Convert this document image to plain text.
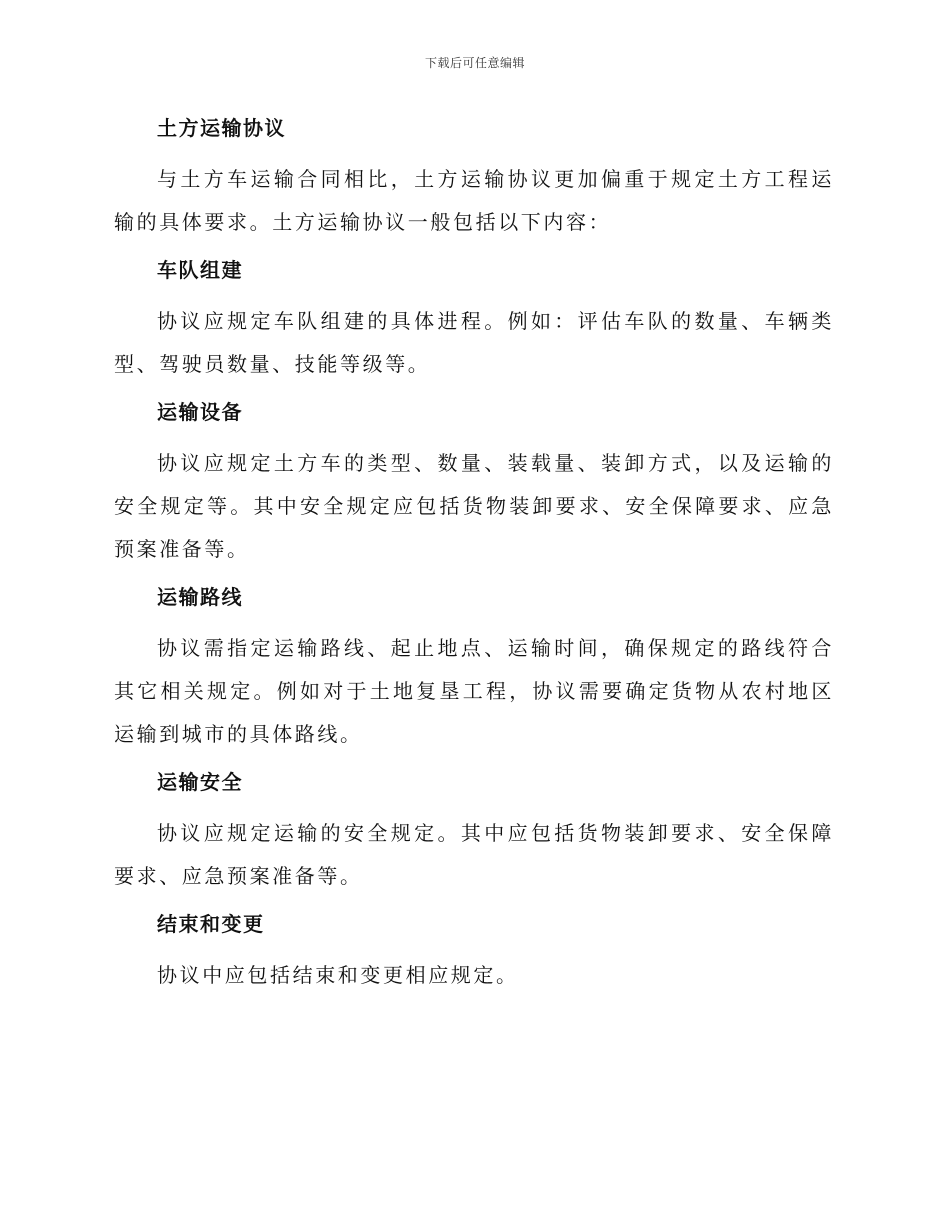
下载后可任意编辑
土方运输协议

与土方车运输合同相比，土方运输协议更加偏重于规定土方工程运输的具体要求。土方运输协议一般包括以下内容：

车队组建

协议应规定车队组建的具体进程。例如：评估车队的数量、车辆类型、驾驶员数量、技能等级等。

运输设备

协议应规定土方车的类型、数量、装载量、装卸方式，以及运输的安全规定等。其中安全规定应包括货物装卸要求、安全保障要求、应急预案准备等。

运输路线

协议需指定运输路线、起止地点、运输时间，确保规定的路线符合其它相关规定。例如对于土地复垦工程，协议需要确定货物从农村地区运输到城市的具体路线。

运输安全

协议应规定运输的安全规定。其中应包括货物装卸要求、安全保障要求、应急预案准备等。

结束和变更

协议中应包括结束和变更相应规定。
